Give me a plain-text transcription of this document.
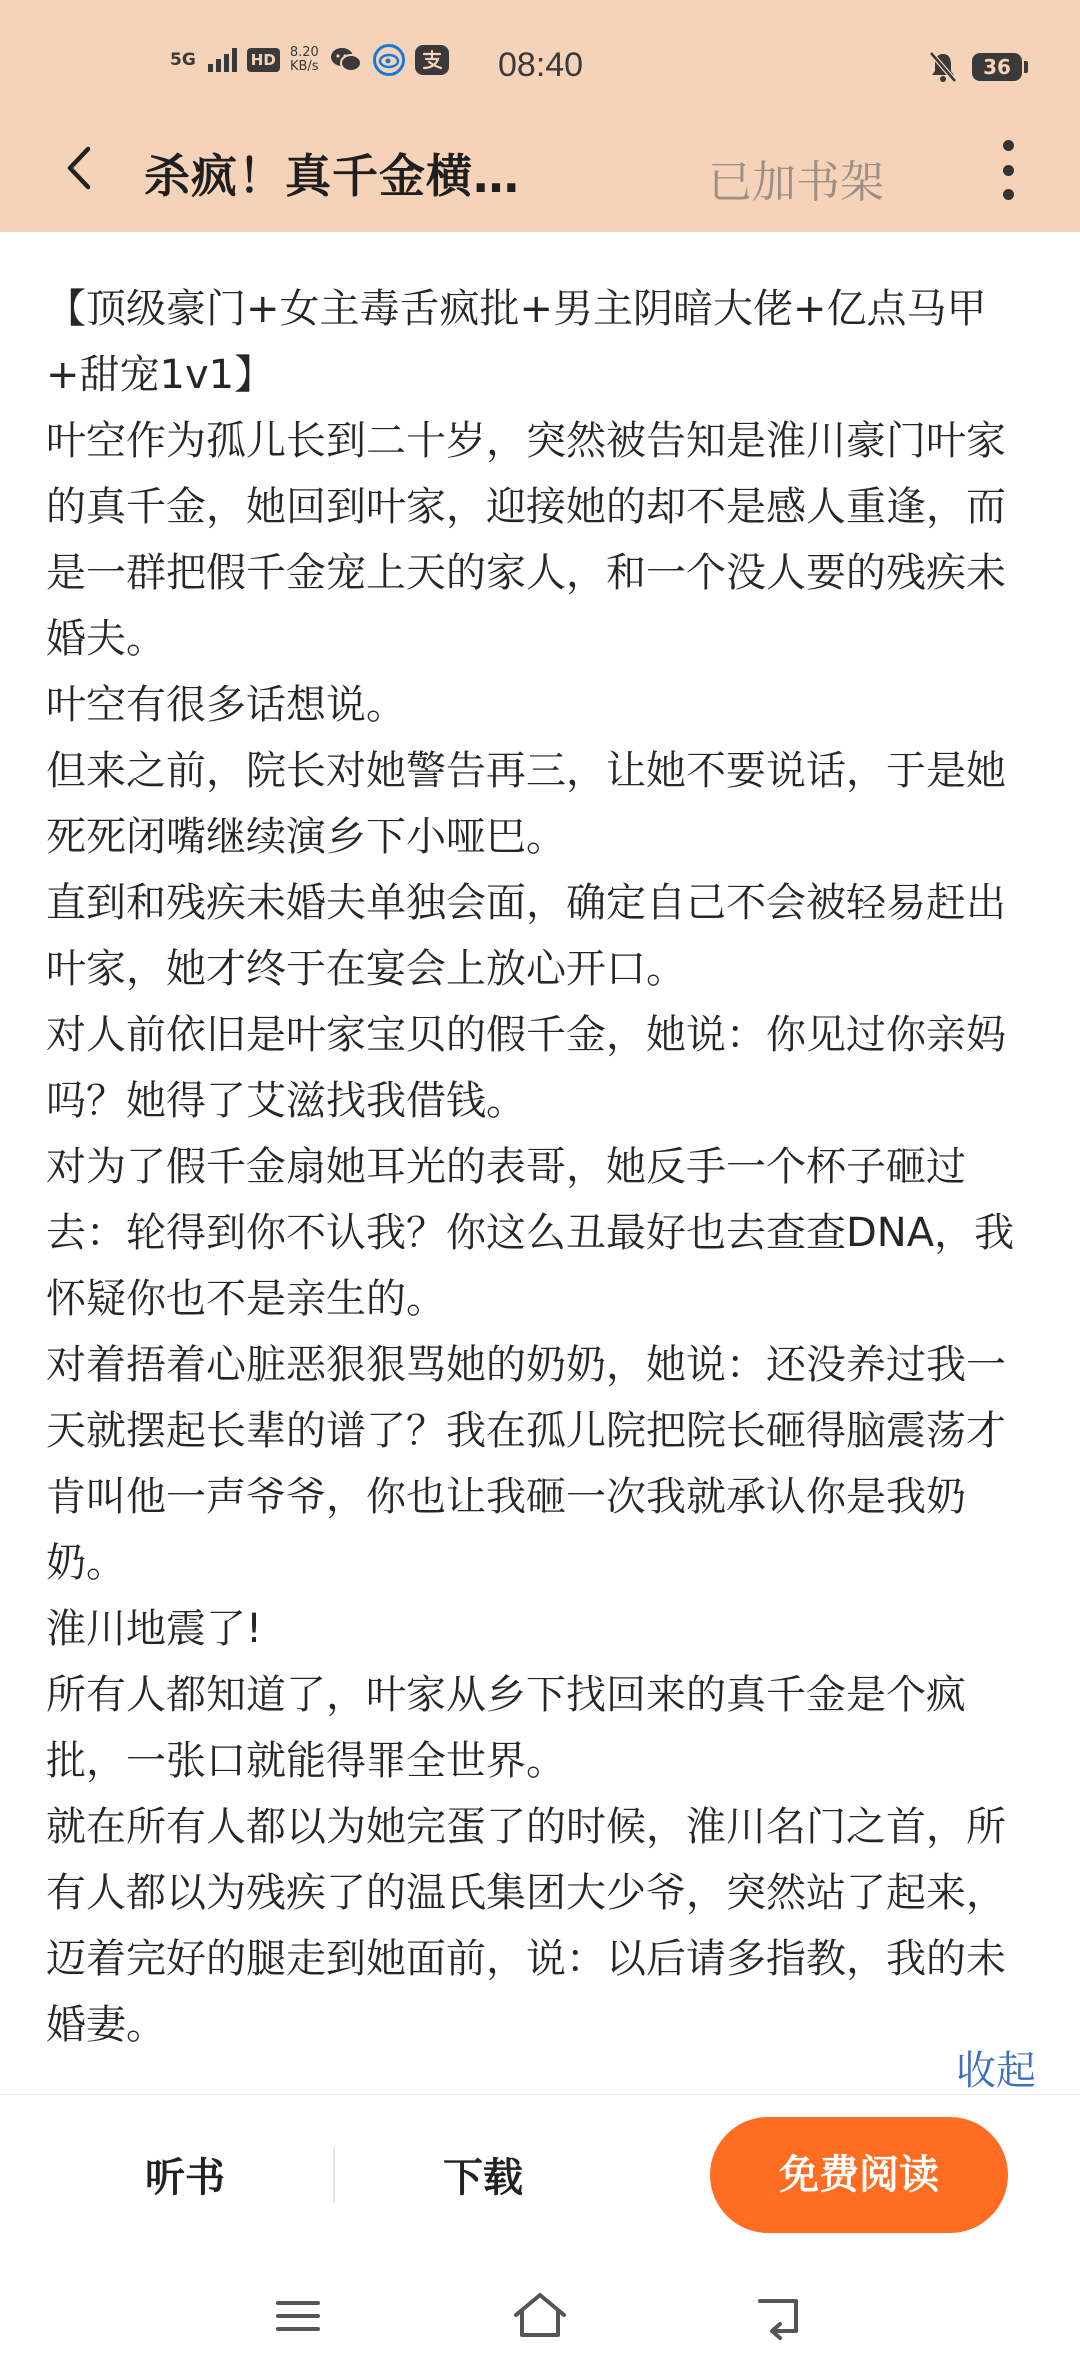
5G	HD	8.20
KB/s	08:40	36
杀疯！真千金横…	已加书架

【顶级豪门+女主毒舌疯批+男主阴暗大佬+亿点马甲+甜宠1v1】

叶空作为孤儿长到二十岁，突然被告知是淮川豪门叶家的真千金，她回到叶家，迎接她的却不是感人重逢，而是一群把假千金宠上天的家人，和一个没人要的残疾未婚夫。

叶空有很多话想说。

但来之前，院长对她警告再三，让她不要说话，于是她死死闭嘴继续演乡下小哑巴。

直到和残疾未婚夫单独会面，确定自己不会被轻易赶出叶家，她才终于在宴会上放心开口。

对人前依旧是叶家宝贝的假千金，她说：你见过你亲妈吗？她得了艾滋找我借钱。

对为了假千金扇她耳光的表哥，她反手一个杯子砸过去：轮得到你不认我？你这么丑最好也去查查DNA，我怀疑你也不是亲生的。

对着捂着心脏恶狠狠骂她的奶奶，她说：还没养过我一天就摆起长辈的谱了？我在孤儿院把院长砸得脑震荡才肯叫他一声爷爷，你也让我砸一次我就承认你是我奶奶。

淮川地震了!

所有人都知道了，叶家从乡下找回来的真千金是个疯批，一张口就能得罪全世界。

就在所有人都以为她完蛋了的时候，淮川名门之首，所有人都以为残疾了的温氏集团大少爷，突然站了起来，迈着完好的腿走到她面前，说：以后请多指教，我的未婚妻。

收起
听书	下载	免费阅读
